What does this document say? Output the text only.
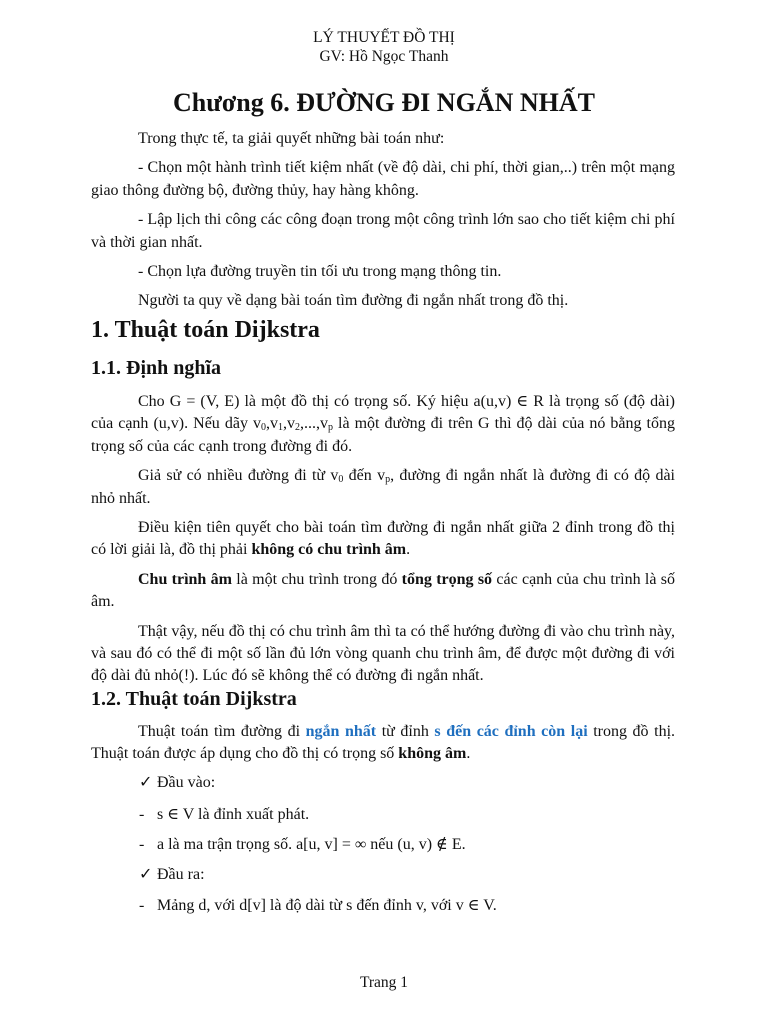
LÝ THUYẾT ĐỒ THỊ
GV: Hồ Ngọc Thanh
Chương 6. ĐƯỜNG ĐI NGẮN NHẤT

Trong thực tế, ta giải quyết những bài toán như:

- Chọn một hành trình tiết kiệm nhất (về độ dài, chi phí, thời gian,..) trên một mạng giao thông đường bộ, đường thủy, hay hàng không.

- Lập lịch thi công các công đoạn trong một công trình lớn sao cho tiết kiệm chi phí và thời gian nhất.

- Chọn lựa đường truyền tin tối ưu trong mạng thông tin.

Người ta quy về dạng bài toán tìm đường đi ngắn nhất trong đồ thị.

1. Thuật toán Dijkstra
1.1. Định nghĩa

Cho G = (V, E) là một đồ thị có trọng số. Ký hiệu a(u,v) ∈ R là trọng số (độ dài) của cạnh (u,v). Nếu dãy $v_0,v_1,v_2,...,v_p$ là một đường đi trên G thì độ dài của nó bằng tổng trọng số của các cạnh trong đường đi đó.

Giả sử có nhiều đường đi từ $v_0$ đến $v_p$, đường đi ngắn nhất là đường đi có độ dài nhỏ nhất.

Điều kiện tiên quyết cho bài toán tìm đường đi ngắn nhất giữa 2 đỉnh trong đồ thị có lời giải là, đồ thị phải không có chu trình âm.

Chu trình âm là một chu trình trong đó tổng trọng số các cạnh của chu trình là số âm.

Thật vậy, nếu đồ thị có chu trình âm thì ta có thể hướng đường đi vào chu trình này, và sau đó có thể đi một số lần đủ lớn vòng quanh chu trình âm, để được một đường đi với độ dài đủ nhỏ(!). Lúc đó sẽ không thể có đường đi ngắn nhất.

1.2. Thuật toán Dijkstra

Thuật toán tìm đường đi ngắn nhất từ đỉnh s đến các đỉnh còn lại trong đồ thị. Thuật toán được áp dụng cho đồ thị có trọng số không âm.

✓ Đầu vào:
- s ∈ V là đỉnh xuất phát.
- a là ma trận trọng số. a[u, v] = ∞ nếu (u, v) ∉ E.
✓ Đầu ra:
- Mảng d, với d[v] là độ dài từ s đến đỉnh v, với v ∈ V.
Trang 1
